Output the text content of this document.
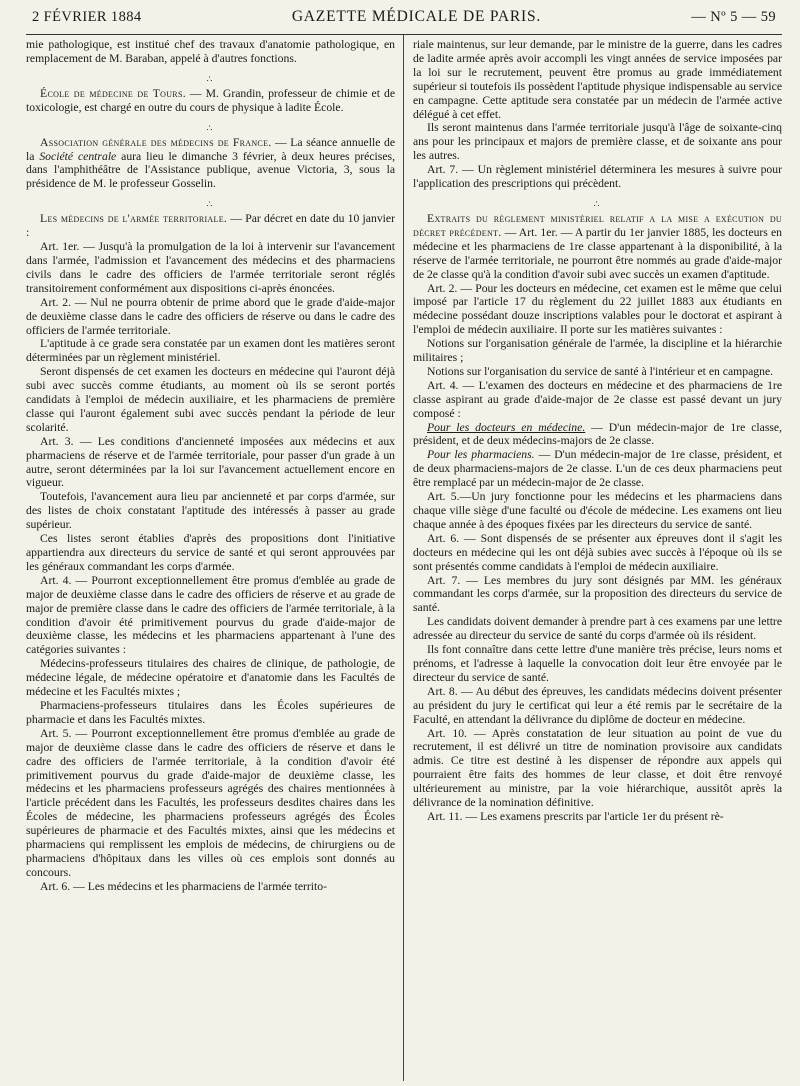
2 FÉVRIER 1884	GAZETTE MÉDICALE DE PARIS.	— Nº 5 — 59

mie pathologique, est institué chef des travaux d'anatomie pathologique, en remplacement de M. Baraban, appelé à d'autres fonctions.

∴

École de médecine de Tours. — M. Grandin, professeur de chimie et de toxicologie, est chargé en outre du cours de physique à ladite École.

∴

Association générale des médecins de France. — La séance annuelle de la Société centrale aura lieu le dimanche 3 février, à deux heures précises, dans l'amphithéâtre de l'Assistance publique, avenue Victoria, 3, sous la présidence de M. le professeur Gosselin.

∴

Les médecins de l'armée territoriale. — Par décret en date du 10 janvier :

Art. 1er. — Jusqu'à la promulgation de la loi à intervenir sur l'avancement dans l'armée, l'admission et l'avancement des médecins et des pharmaciens civils dans le cadre des officiers de l'armée territoriale seront réglés transitoirement conformément aux dispositions ci-après énoncées.

Art. 2. — Nul ne pourra obtenir de prime abord que le grade d'aide-major de deuxième classe dans le cadre des officiers de réserve ou dans le cadre des officiers de l'armée territoriale.

L'aptitude à ce grade sera constatée par un examen dont les matières seront déterminées par un règlement ministériel.

Seront dispensés de cet examen les docteurs en médecine qui l'auront déjà subi avec succès comme étudiants, au moment où ils se seront portés candidats à l'emploi de médecin auxiliaire, et les pharmaciens de première classe qui l'auront également subi avec succès pendant la période de leur scolarité.

Art. 3. — Les conditions d'ancienneté imposées aux médecins et aux pharmaciens de réserve et de l'armée territoriale, pour passer d'un grade à un autre, seront déterminées par la loi sur l'avancement actuellement encore en vigueur.

Toutefois, l'avancement aura lieu par ancienneté et par corps d'armée, sur des listes de choix constatant l'aptitude des intéressés à passer au grade supérieur.

Ces listes seront établies d'après des propositions dont l'initiative appartiendra aux directeurs du service de santé et qui seront approuvées par les généraux commandant les corps d'armée.

Art. 4. — Pourront exceptionnellement être promus d'emblée au grade de major de deuxième classe dans le cadre des officiers de réserve et au grade de major de première classe dans le cadre des officiers de l'armée territoriale, à la condition d'avoir été primitivement pourvus du grade d'aide-major de deuxième classe, les médecins et les pharmaciens appartenant à l'une des catégories suivantes :

Médecins-professeurs titulaires des chaires de clinique, de pathologie, de médecine légale, de médecine opératoire et d'anatomie dans les Facultés de médecine et les Facultés mixtes ;

Pharmaciens-professeurs titulaires dans les Écoles supérieures de pharmacie et dans les Facultés mixtes.

Art. 5. — Pourront exceptionnellement être promus d'emblée au grade de major de deuxième classe dans le cadre des officiers de réserve et dans le cadre des officiers de l'armée territoriale, à la condition d'avoir été primitivement pourvus du grade d'aide-major de deuxième classe, les médecins et les pharmaciens professeurs agrégés des chaires mentionnées à l'article précédent dans les Facultés, les professeurs desdites chaires dans les Écoles de médecine, les pharmaciens professeurs agrégés des Écoles supérieures de pharmacie et des Facultés mixtes, ainsi que les médecins et pharmaciens qui remplissent les emplois de médecins, de chirurgiens ou de pharmaciens d'hôpitaux dans les villes où ces emplois sont donnés au concours.

Art. 6. — Les médecins et les pharmaciens de l'armée territo-

riale maintenus, sur leur demande, par le ministre de la guerre, dans les cadres de ladite armée après avoir accompli les vingt années de service imposées par la loi sur le recrutement, peuvent être promus au grade immédiatement supérieur si toutefois ils possèdent l'aptitude physique indispensable au service en campagne. Cette aptitude sera constatée par un médecin de l'armée active délégué à cet effet.

Ils seront maintenus dans l'armée territoriale jusqu'à l'âge de soixante-cinq ans pour les principaux et majors de première classe, et de soixante ans pour les autres.

Art. 7. — Un règlement ministériel déterminera les mesures à suivre pour l'application des prescriptions qui précèdent.

∴

Extraits du règlement ministériel relatif a la mise a exécution du décret précédent. — Art. 1er. — A partir du 1er janvier 1885, les docteurs en médecine et les pharmaciens de 1re classe appartenant à la disponibilité, à la réserve de l'armée territoriale, ne pourront être nommés au grade d'aide-major de 2e classe qu'à la condition d'avoir subi avec succès un examen d'aptitude.

Art. 2. — Pour les docteurs en médecine, cet examen est le même que celui imposé par l'article 17 du règlement du 22 juillet 1883 aux étudiants en médecine possédant douze inscriptions valables pour le doctorat et aspirant à l'emploi de médecin auxiliaire. Il porte sur les matières suivantes :

Notions sur l'organisation générale de l'armée, la discipline et la hiérarchie militaires ;

Notions sur l'organisation du service de santé à l'intérieur et en campagne.

Art. 4. — L'examen des docteurs en médecine et des pharmaciens de 1re classe aspirant au grade d'aide-major de 2e classe est passé devant un jury composé :

Pour les docteurs en médecine. — D'un médecin-major de 1re classe, président, et de deux médecins-majors de 2e classe.

Pour les pharmaciens. — D'un médecin-major de 1re classe, président, et de deux pharmaciens-majors de 2e classe. L'un de ces deux pharmaciens peut être remplacé par un médecin-major de 2e classe.

Art. 5.—Un jury fonctionne pour les médecins et les pharmaciens dans chaque ville siège d'une faculté ou d'école de médecine. Les examens ont lieu chaque année à des époques fixées par les directeurs du service de santé.

Art. 6. — Sont dispensés de se présenter aux épreuves dont il s'agit les docteurs en médecine qui les ont déjà subies avec succès à l'époque où ils se sont présentés comme candidats à l'emploi de médecin auxiliaire.

Art. 7. — Les membres du jury sont désignés par MM. les généraux commandant les corps d'armée, sur la proposition des directeurs du service de santé.

Les candidats doivent demander à prendre part à ces examens par une lettre adressée au directeur du service de santé du corps d'armée où ils résident.

Ils font connaître dans cette lettre d'une manière très précise, leurs noms et prénoms, et l'adresse à laquelle la convocation doit leur être envoyée par le directeur du service de santé.

Art. 8. — Au début des épreuves, les candidats médecins doivent présenter au président du jury le certificat qui leur a été remis par le secrétaire de la Faculté, en attendant la délivrance du diplôme de docteur en médecine.

Art. 10. — Après constatation de leur situation au point de vue du recrutement, il est délivré un titre de nomination provisoire aux candidats admis. Ce titre est destiné à les dispenser de répondre aux appels qui pourraient être faits des hommes de leur classe, et doit être renvoyé ultérieurement au ministre, par la voie hiérarchique, aussitôt après la délivrance de la nomination définitive.

Art. 11. — Les examens prescrits par l'article 1er du présent rè-
